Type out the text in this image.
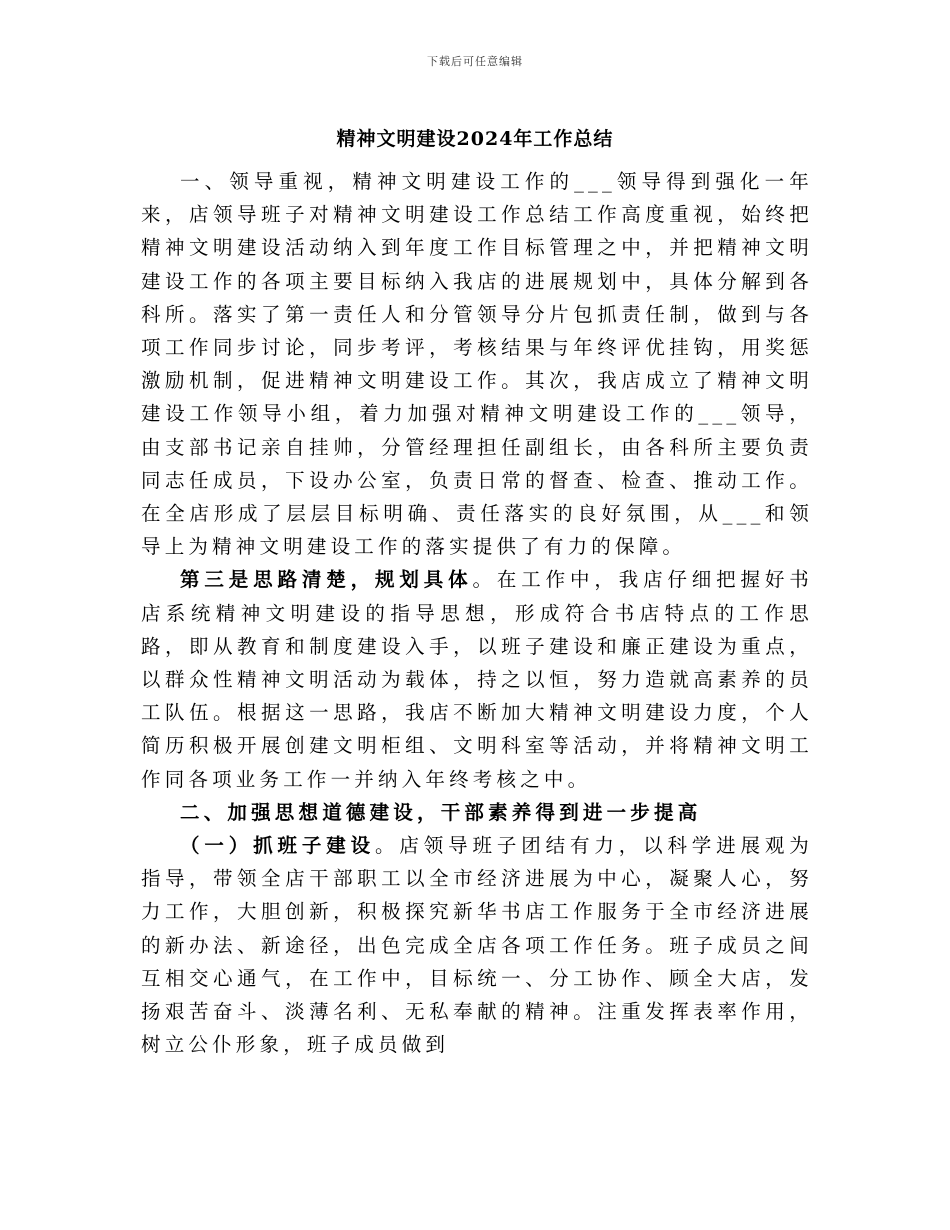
下载后可任意编辑
精神文明建设2024年工作总结

一、领导重视，精神文明建设工作的___领导得到强化一年来，店领导班子对精神文明建设工作总结工作高度重视，始终把精神文明建设活动纳入到年度工作目标管理之中，并把精神文明建设工作的各项主要目标纳入我店的进展规划中，具体分解到各科所。落实了第一责任人和分管领导分片包抓责任制，做到与各项工作同步讨论，同步考评，考核结果与年终评优挂钩，用奖惩激励机制，促进精神文明建设工作。其次，我店成立了精神文明建设工作领导小组，着力加强对精神文明建设工作的___领导，由支部书记亲自挂帅，分管经理担任副组长，由各科所主要负责同志任成员，下设办公室，负责日常的督查、检查、推动工作。在全店形成了层层目标明确、责任落实的良好氛围，从___和领导上为精神文明建设工作的落实提供了有力的保障。

第三是思路清楚，规划具体。在工作中，我店仔细把握好书店系统精神文明建设的指导思想，形成符合书店特点的工作思路，即从教育和制度建设入手，以班子建设和廉正建设为重点，以群众性精神文明活动为载体，持之以恒，努力造就高素养的员工队伍。根据这一思路，我店不断加大精神文明建设力度，个人简历积极开展创建文明柜组、文明科室等活动，并将精神文明工作同各项业务工作一并纳入年终考核之中。

二、加强思想道德建设，干部素养得到进一步提高

（一）抓班子建设。店领导班子团结有力，以科学进展观为指导，带领全店干部职工以全市经济进展为中心，凝聚人心，努力工作，大胆创新，积极探究新华书店工作服务于全市经济进展的新办法、新途径，出色完成全店各项工作任务。班子成员之间互相交心通气，在工作中，目标统一、分工协作、顾全大店，发扬艰苦奋斗、淡薄名利、无私奉献的精神。注重发挥表率作用，树立公仆形象，班子成员做到
